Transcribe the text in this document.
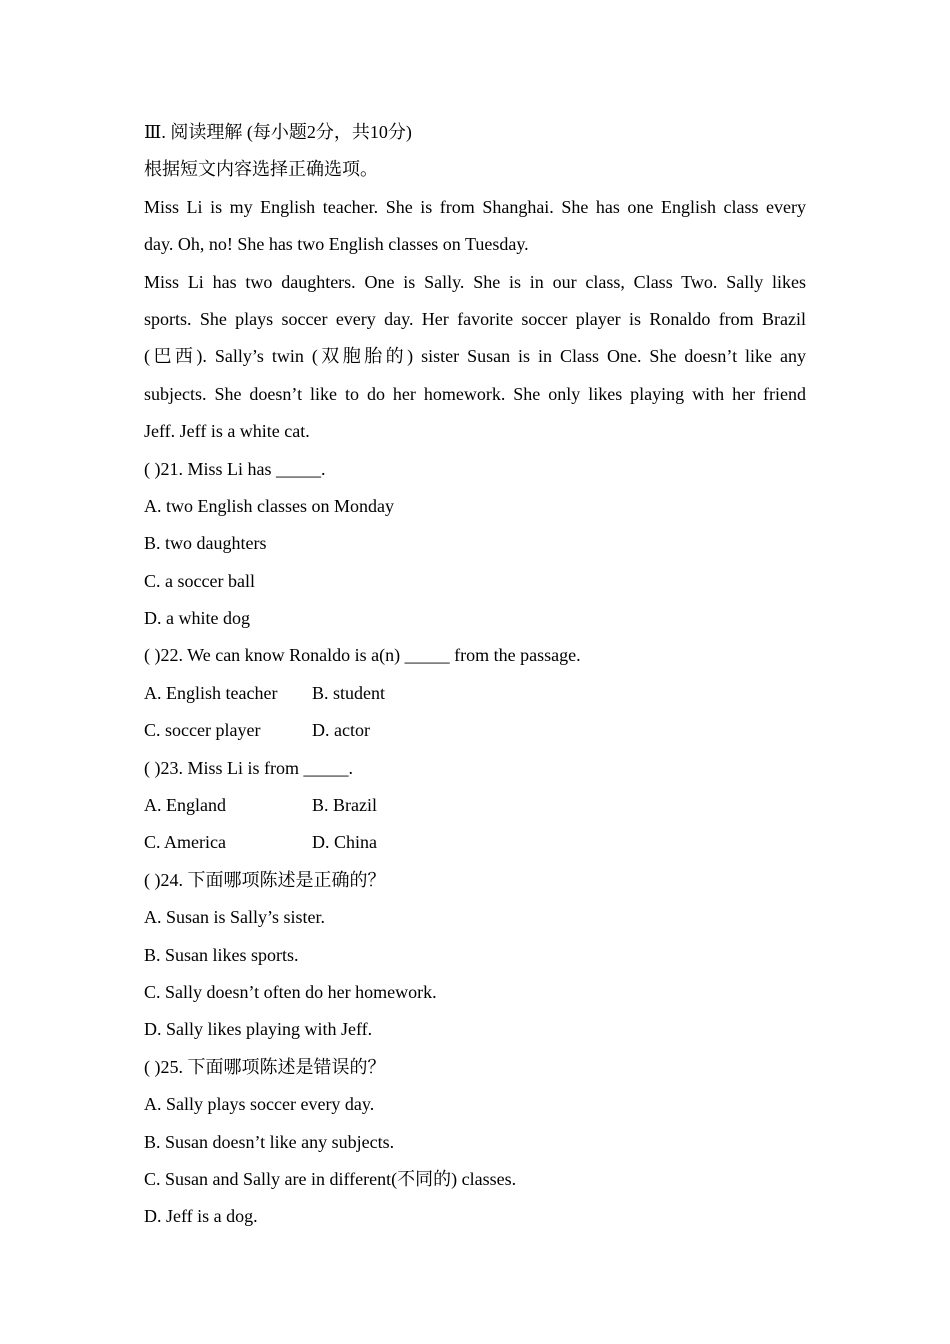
Ⅲ. 阅读理解 (每小题2分，共10分)
根据短文内容选择正确选项。
Miss Li is my English teacher. She is from Shanghai. She has one English class every
day. Oh, no! She has two English classes on Tuesday.
Miss Li has two daughters. One is Sally. She is in our class, Class Two. Sally likes
sports. She plays soccer every day. Her favorite soccer player is Ronaldo from Brazil
(巴西). Sally’s twin (双胞胎的) sister Susan is in Class One. She doesn’t like any
subjects. She doesn’t like to do her homework. She only likes playing with her friend
Jeff. Jeff is a white cat.
( )21. Miss Li has _____.
A. two English classes on Monday
B. two daughters
C. a soccer ball
D. a white dog
( )22. We can know Ronaldo is a(n) _____ from the passage.
A. English teacher	B. student
C. soccer player	D. actor
( )23. Miss Li is from _____.
A. England	B. Brazil
C. America	D. China
( )24. 下面哪项陈述是正确的？
A. Susan is Sally’s sister.
B. Susan likes sports.
C. Sally doesn’t often do her homework.
D. Sally likes playing with Jeff.
( )25. 下面哪项陈述是错误的？
A. Sally plays soccer every day.
B. Susan doesn’t like any subjects.
C. Susan and Sally are in different(不同的) classes.
D. Jeff is a dog.
